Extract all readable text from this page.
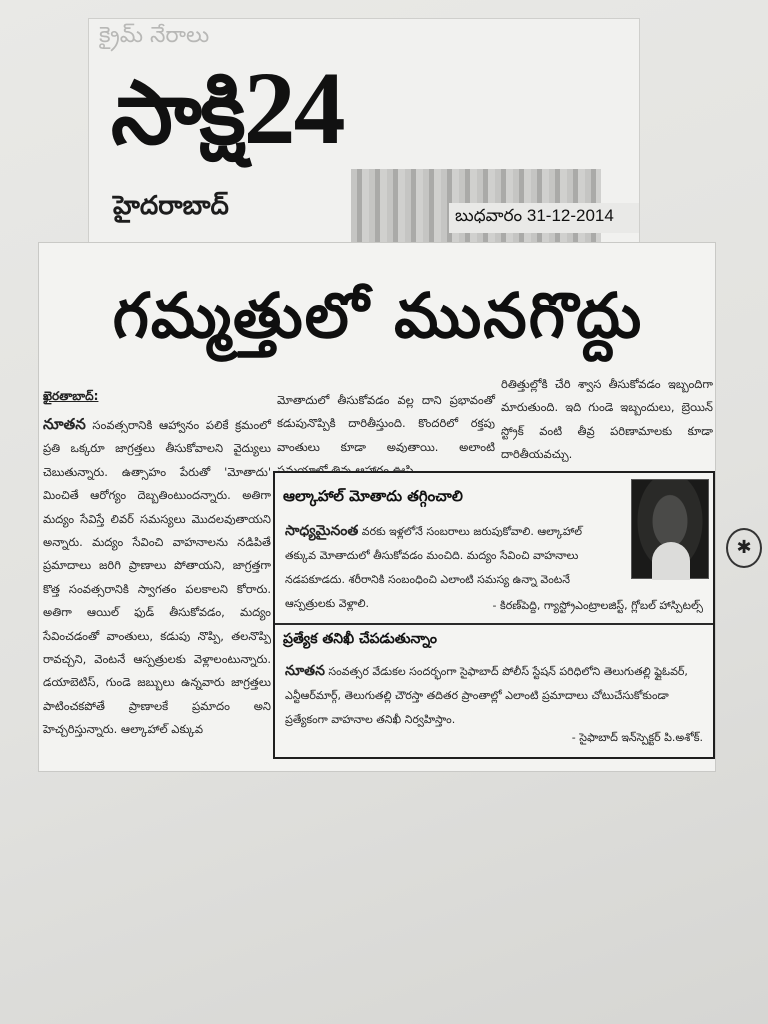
క్రైమ్ నేరాలు
సాక్షి24
హైదరాబాద్	బుధవారం 31-12-2014
గమ్మత్తులో మునగొద్దు
ఖైరతాబాద్:
నూతన సంవత్సరానికి ఆహ్వానం పలికే క్రమంలో ప్రతి ఒక్కరూ జాగ్రత్తలు తీసుకోవాలని వైద్యులు చెబుతున్నారు. ఉత్సాహం పేరుతో 'మోతాదు' మించితే ఆరోగ్యం దెబ్బతింటుందన్నారు. అతిగా మద్యం సేవిస్తే లివర్ సమస్యలు మొదలవుతాయని అన్నారు. మద్యం సేవించి వాహనాలను నడిపితే ప్రమాదాలు జరిగి ప్రాణాలు పోతాయని, జాగ్రత్తగా కొత్త సంవత్సరానికి స్వాగతం పలకాలని కోరారు. అతిగా ఆయిల్ ఫుడ్ తీసుకోవడం, మద్యం సేవించడంతో వాంతులు, కడుపు నొప్పి, తలనొప్పి రావచ్చని, వెంటనే ఆస్పత్రులకు వెళ్లాలంటున్నారు. డయాబెటిస్, గుండె జబ్బులు ఉన్నవారు జాగ్రత్తలు పాటించకపోతే ప్రాణాలకే ప్రమాదం అని హెచ్చరిస్తున్నారు. ఆల్కాహాల్ ఎక్కువ
మోతాదులో తీసుకోవడం వల్ల దాని ప్రభావంతో కడుపునొప్పికి దారితీస్తుంది. కొందరిలో రక్తపు వాంతులు కూడా అవుతాయి. అలాంటి
రితిత్తుల్లోకి చేరి శ్వాస తీసుకోవడం ఇబ్బందిగా మారుతుంది. ఇది గుండె ఇబ్బందులు, బ్రెయిన్ స్ట్రోక్ వంటి తీవ్ర పరిణామాలకు కూడా దారితీయవచ్చు.
ఆల్కాహాల్ మోతాదు తగ్గించాలి
సాధ్యమైనంత వరకు ఇళ్లలోనే సంబరాలు జరుపుకోవాలి. ఆల్కాహాల్ తక్కువ మోతాదులో తీసుకోవడం మంచిది. మద్యం సేవించి వాహనాలు నడపకూడదు. శరీరానికి సంబంధించి ఎలాంటి సమస్య ఉన్నా వెంటనే ఆస్పత్రులకు వెళ్లాలి.	- కిరణ్‌పెద్ది, గ్యాస్ట్రోఎంట్రాలజిస్ట్, గ్లోబల్ హాస్పిటల్స్
ప్రత్యేక తనిఖీ చేపడుతున్నాం
నూతన సంవత్సర వేడుకల సందర్భంగా సైఫాబాద్ పోలీస్ స్టేషన్ పరిధిలోని తెలుగుతల్లి ఫ్లైఓవర్, ఎన్టీఆర్‌మార్గ్, తెలుగుతల్లి చౌరస్తా తదితర ప్రాంతాల్లో ఎలాంటి ప్రమాదాలు చోటుచేసుకోకుండా ప్రత్యేకంగా వాహనాల తనిఖీ నిర్వహిస్తాం.
- సైఫాబాద్ ఇన్‌స్పెక్టర్ పి.అశోక్.
✱
